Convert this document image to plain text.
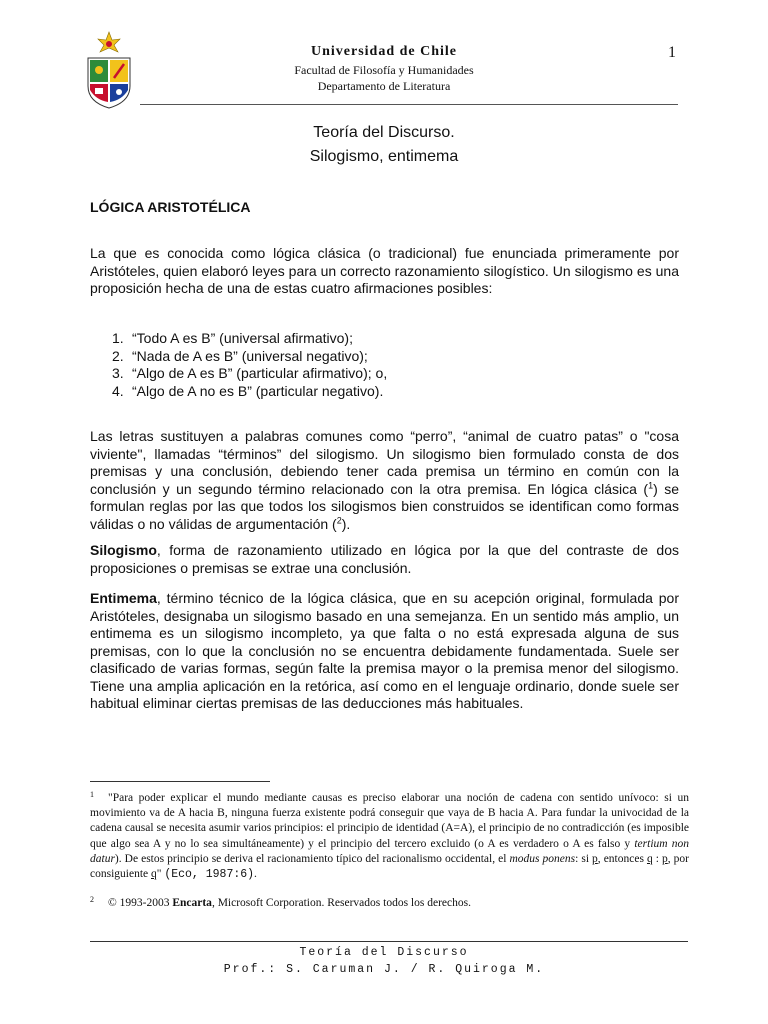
1
Universidad de Chile
Facultad de Filosofía y Humanidades
Departamento de Literatura
Teoría del Discurso.
Silogismo, entimema
LÓGICA ARISTOTÉLICA

La que es conocida como lógica clásica (o tradicional) fue enunciada primeramente por Aristóteles, quien elaboró leyes para un correcto razonamiento silogístico. Un silogismo es una proposición hecha de una de estas cuatro afirmaciones posibles:

1. “Todo A es B” (universal afirmativo);
2. “Nada de A es B” (universal negativo);
3. “Algo de A es B” (particular afirmativo); o,
4. “Algo de A no es B” (particular negativo).

Las letras sustituyen a palabras comunes como “perro”, “animal de cuatro patas” o "cosa viviente", llamadas “términos” del silogismo. Un silogismo bien formulado consta de dos premisas y una conclusión, debiendo tener cada premisa un término en común con la conclusión y un segundo término relacionado con la otra premisa. En lógica clásica ($^1$) se formulan reglas por las que todos los silogismos bien construidos se identifican como formas válidas o no válidas de argumentación ($^2$).

Silogismo, forma de razonamiento utilizado en lógica por la que del contraste de dos proposiciones o premisas se extrae una conclusión.

Entimema, término técnico de la lógica clásica, que en su acepción original, formulada por Aristóteles, designaba un silogismo basado en una semejanza. En un sentido más amplio, un entimema es un silogismo incompleto, ya que falta o no está expresada alguna de sus premisas, con lo que la conclusión no se encuentra debidamente fundamentada. Suele ser clasificado de varias formas, según falte la premisa mayor o la premisa menor del silogismo. Tiene una amplia aplicación en la retórica, así como en el lenguaje ordinario, donde suele ser habitual eliminar ciertas premisas de las deducciones más habituales.

$^1$ "Para poder explicar el mundo mediante causas es preciso elaborar una noción de cadena con sentido unívoco: si un movimiento va de A hacia B, ninguna fuerza existente podrá conseguir que vaya de B hacia A. Para fundar la univocidad de la cadena causal se necesita asumir varios principios: el principio de identidad (A=A), el principio de no contradicción (es imposible que algo sea A y no lo sea simultáneamente) y el principio del tercero excluido (o A es verdadero o A es falso y tertium non datur). De estos principio se deriva el racionamiento típico del racionalismo occidental, el modus ponens: si p, entonces q : p, por consiguiente q" (Eco, 1987:6).

$^2$ © 1993-2003 Encarta, Microsoft Corporation. Reservados todos los derechos.

Teoría del Discurso
Prof.: S. Caruman J. / R. Quiroga M.
